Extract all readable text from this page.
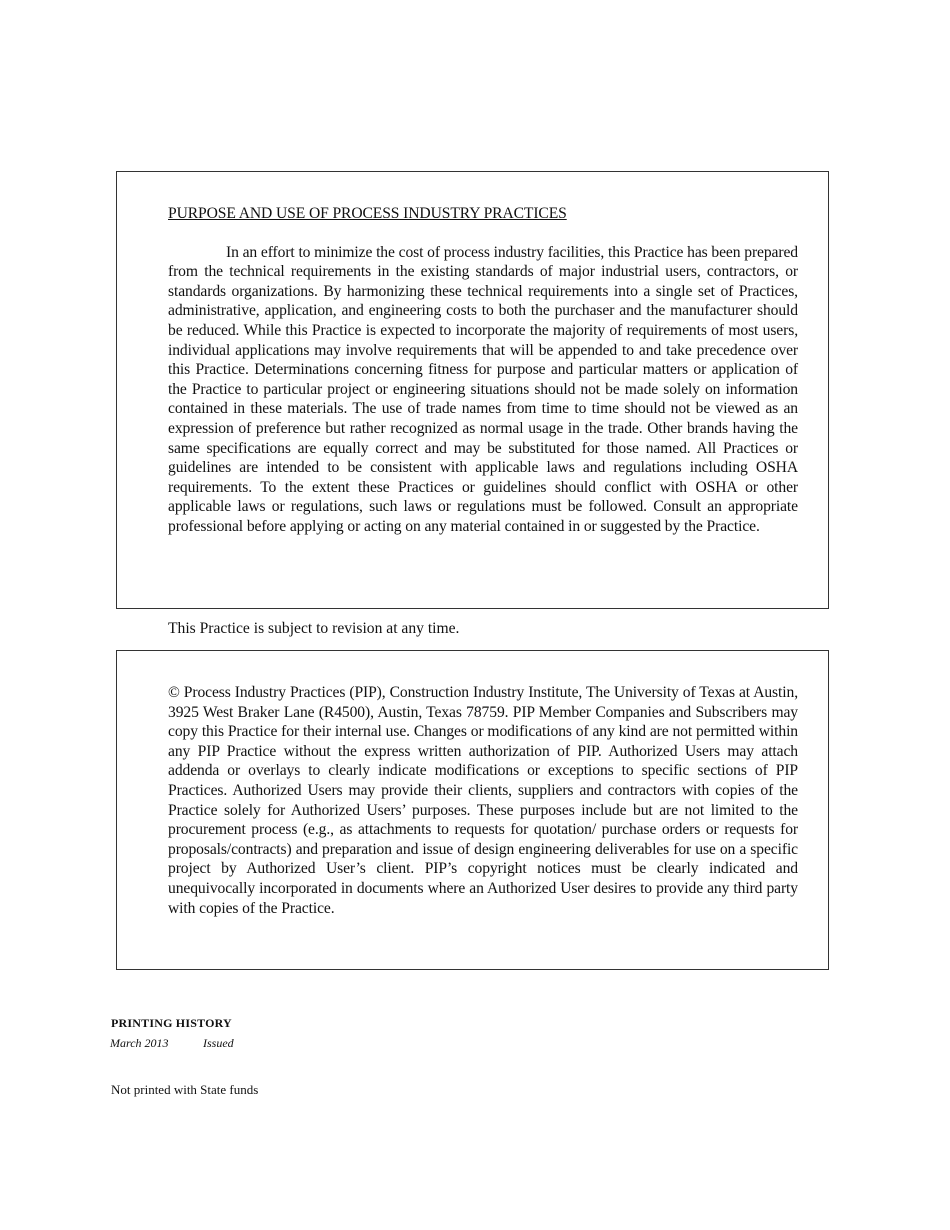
PURPOSE AND USE OF PROCESS INDUSTRY PRACTICES

In an effort to minimize the cost of process industry facilities, this Practice has been prepared from the technical requirements in the existing standards of major industrial users, contractors, or standards organizations. By harmonizing these technical requirements into a single set of Practices, administrative, application, and engineering costs to both the purchaser and the manufacturer should be reduced. While this Practice is expected to incorporate the majority of requirements of most users, individual applications may involve requirements that will be appended to and take precedence over this Practice. Determinations concerning fitness for purpose and particular matters or application of the Practice to particular project or engineering situations should not be made solely on information contained in these materials. The use of trade names from time to time should not be viewed as an expression of preference but rather recognized as normal usage in the trade. Other brands having the same specifications are equally correct and may be substituted for those named. All Practices or guidelines are intended to be consistent with applicable laws and regulations including OSHA requirements. To the extent these Practices or guidelines should conflict with OSHA or other applicable laws or regulations, such laws or regulations must be followed. Consult an appropriate professional before applying or acting on any material contained in or suggested by the Practice.

This Practice is subject to revision at any time.

© Process Industry Practices (PIP), Construction Industry Institute, The University of Texas at Austin, 3925 West Braker Lane (R4500), Austin, Texas 78759. PIP Member Companies and Subscribers may copy this Practice for their internal use. Changes or modifications of any kind are not permitted within any PIP Practice without the express written authorization of PIP. Authorized Users may attach addenda or overlays to clearly indicate modifications or exceptions to specific sections of PIP Practices. Authorized Users may provide their clients, suppliers and contractors with copies of the Practice solely for Authorized Users’ purposes. These purposes include but are not limited to the procurement process (e.g., as attachments to requests for quotation/ purchase orders or requests for proposals/contracts) and preparation and issue of design engineering deliverables for use on a specific project by Authorized User’s client. PIP’s copyright notices must be clearly indicated and unequivocally incorporated in documents where an Authorized User desires to provide any third party with copies of the Practice.

PRINTING HISTORY
March 2013	Issued
Not printed with State funds
